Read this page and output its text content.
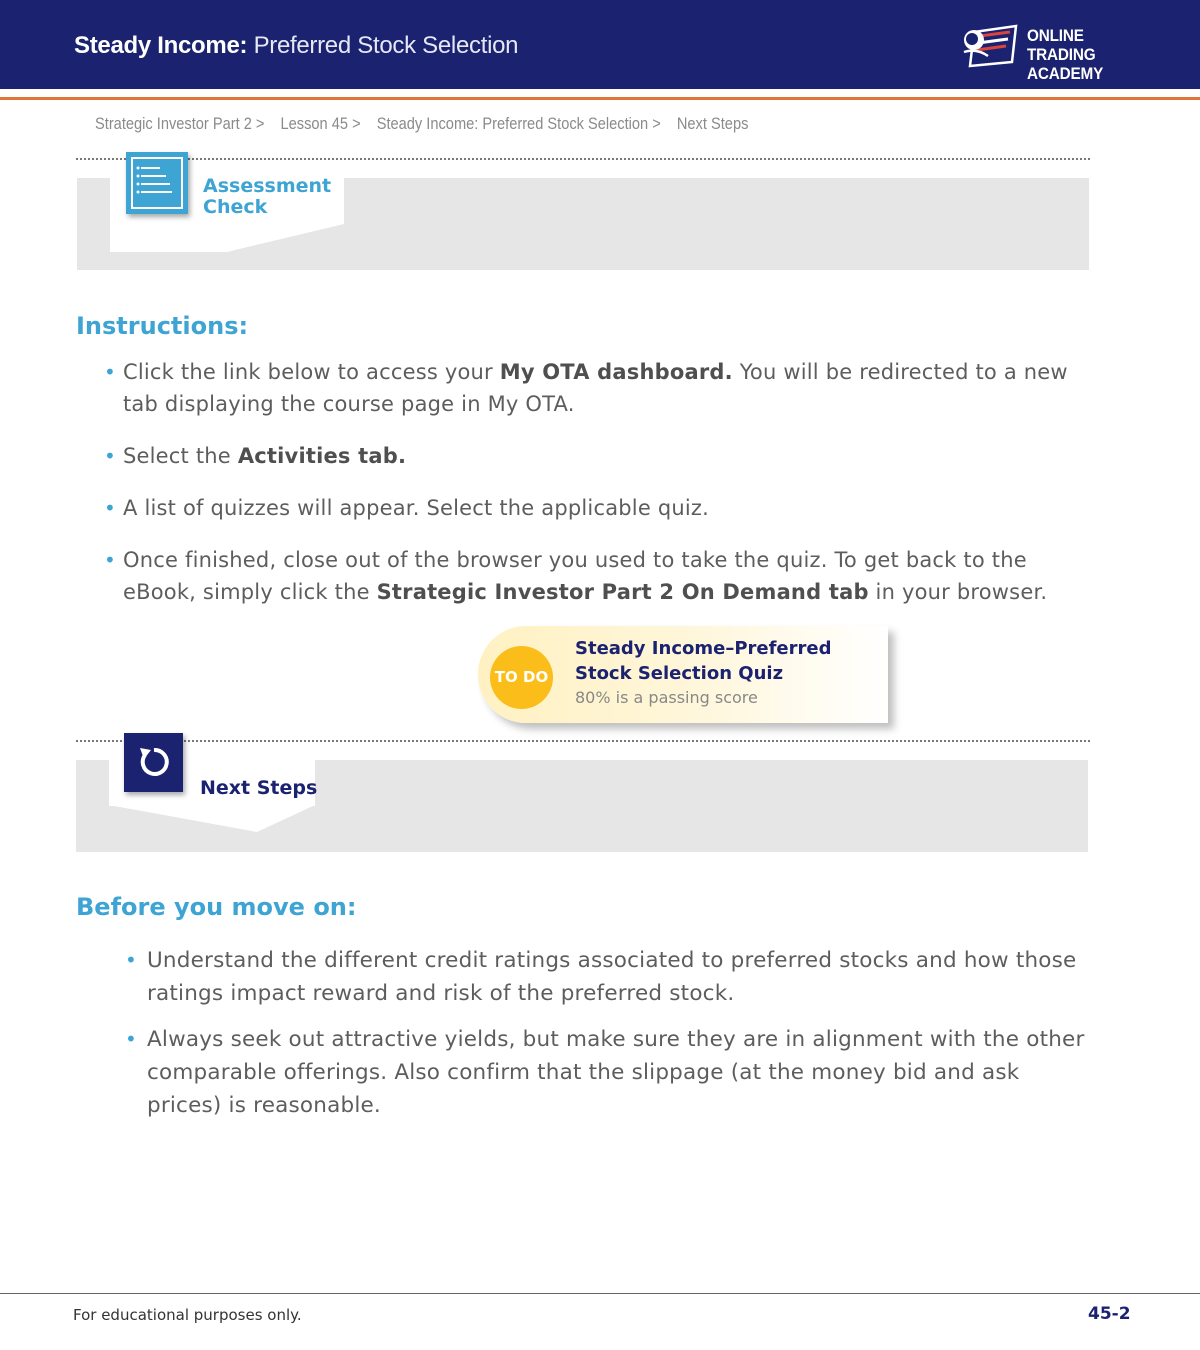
Steady Income: Preferred Stock Selection	ONLINE TRADING
ACADEMY
Strategic Investor Part 2 > Lesson 45 > Steady Income: Preferred Stock Selection > Next Steps
Assessment
Check
Instructions:
• Click the link below to access your My OTA dashboard. You will be redirected to a new tab displaying the course page in My OTA.
• Select the Activities tab.
• A list of quizzes will appear. Select the applicable quiz.
• Once finished, close out of the browser you used to take the quiz. To get back to the eBook, simply click the Strategic Investor Part 2 On Demand tab in your browser.
TO DO
Steady Income–Preferred Stock Selection Quiz
80% is a passing score
Next Steps
Before you move on:
• Understand the different credit ratings associated to preferred stocks and how those ratings impact reward and risk of the preferred stock.
• Always seek out attractive yields, but make sure they are in alignment with the other comparable offerings. Also confirm that the slippage (at the money bid and ask prices) is reasonable.
For educational purposes only.	45-2
